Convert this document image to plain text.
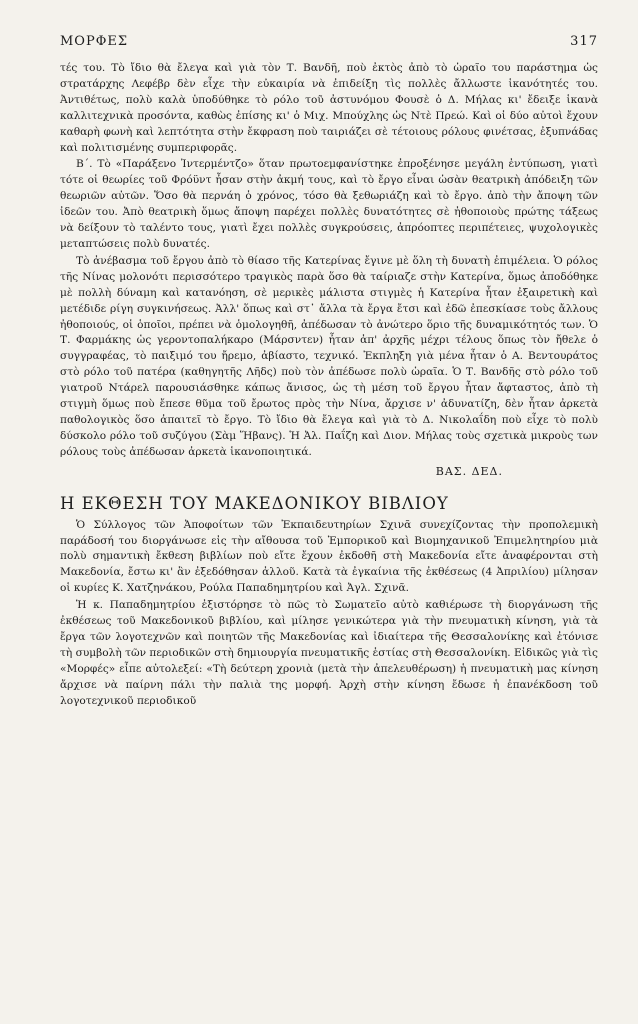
ΜΟΡΦΕΣ	317

τές του. Τὸ ἴδιο θὰ ἔλεγα καὶ γιὰ τὸν Τ. Βανδῆ, ποὺ ἐκτὸς ἀπὸ τὸ ὡραῖο του παράστημα ὡς στρατάρχης Λεφέβρ δὲν εἶχε τὴν εὐκαιρία νὰ ἐπιδείξη τὶς πολλὲς ἄλλωστε ἱκανότητές του. Ἀντιθέτως, πολὺ καλὰ ὑποδύθηκε τὸ ρόλο τοῦ ἀστυνόμου Φουσὲ ὁ Δ. Μήλας κι' ἔδειξε ἱκανὰ καλλιτεχνικὰ προσόντα, καθὼς ἐπίσης κι' ὁ Μιχ. Μπούχλης ὡς Ντὲ Πρεώ. Καὶ οἱ δύο αὐτοὶ ἔχουν καθαρὴ φωνὴ καὶ λεπτότητα στὴν ἔκφραση ποὺ ταιριάζει σὲ τέτοιους ρόλους φινέτσας, ἐξυπνάδας καὶ πολιτισμένης συμπεριφορᾶς.

Β΄. Τὸ «Παράξενο Ἰντερμέντζο» ὅταν πρωτοεμφανίστηκε ἐπροξένησε μεγάλη ἐντύπωση, γιατὶ τότε οἱ θεωρίες τοῦ Φρόϋντ ἦσαν στὴν ἀκμή τους, καὶ τὸ ἔργο εἶναι ὡσὰν θεατρικὴ ἀπόδειξη τῶν θεωριῶν αὐτῶν. Ὅσο θὰ περνάη ὁ χρόνος, τόσο θὰ ξεθωριάζη καὶ τὸ ἔργο. ἀπὸ τὴν ἄποψη τῶν ἰδεῶν του. Ἀπὸ θεατρικὴ ὅμως ἄποψη παρέχει πολλὲς δυνατότητες σὲ ἠθοποιοὺς πρώτης τάξεως νὰ δείξουν τὸ ταλέντο τους, γιατὶ ἔχει πολλὲς συγκρούσεις, ἀπρόοπτες περιπέτειες, ψυχολογικὲς μεταπτώσεις πολὺ δυνατές.

Τὸ ἀνέβασμα τοῦ ἔργου ἀπὸ τὸ θίασο τῆς Κατερίνας ἔγινε μὲ ὅλη τὴ δυνατὴ ἐπιμέλεια. Ὁ ρόλος τῆς Νίνας μολονότι περισσότερο τραγικὸς παρὰ ὅσο θὰ ταίριαζε στὴν Κατερίνα, ὅμως ἀποδόθηκε μὲ πολλὴ δύναμη καὶ κατανόηση, σὲ μερικὲς μάλιστα στιγμὲς ἡ Κατερίνα ἦταν ἐξαιρετικὴ καὶ μετέδιδε ρίγη συγκινήσεως. Ἀλλ' ὅπως καὶ στ᾽ ἄλλα τὰ ἔργα ἔτσι καὶ ἐδῶ ἐπεσκίασε τοὺς ἄλλους ἠθοποιούς, οἱ ὁποῖοι, πρέπει νὰ ὁμολογηθῆ, ἀπέδωσαν τὸ ἀνώτερο ὅριο τῆς δυναμικότητός των. Ὁ Τ. Φαρμάκης ὡς γεροντοπαλήκαρο (Μάρσντεν) ἦταν ἀπ' ἀρχῆς μέχρι τέλους ὅπως τὸν ἤθελε ὁ συγγραφέας, τὸ παιξιμό του ἤρεμο, ἀβίαστο, τεχνικό. Ἐκπληξη γιὰ μένα ἦταν ὁ Α. Βεντουράτος στὸ ρόλο τοῦ πατέρα (καθηγητῆς Λῆδς) ποὺ τὸν ἀπέδωσε πολὺ ὡραῖα. Ὁ Τ. Βανδῆς στὸ ρόλο τοῦ γιατροῦ Ντάρελ παρουσιάσθηκε κάπως ἄνισος, ὡς τὴ μέση τοῦ ἔργου ἦταν ἄφταστος, ἀπὸ τὴ στιγμὴ ὅμως ποὺ ἔπεσε θῦμα τοῦ ἔρωτος πρὸς τὴν Νίνα, ἄρχισε ν' ἀδυνατίζη, δὲν ἦταν ἀρκετὰ παθολογικὸς ὅσο ἀπαιτεῖ τὸ ἔργο. Τὸ ἴδιο θὰ ἔλεγα καὶ γιὰ τὸ Δ. Νικολαΐδη ποὺ εἶχε τὸ πολὺ δύσκολο ρόλο τοῦ συζύγου (Σὰμ Ἥβανς). Ἡ Ἀλ. Παΐζη καὶ Διον. Μήλας τοὺς σχετικὰ μικροὺς των ρόλους τοὺς ἀπέδωσαν ἀρκετὰ ἱκανοποιητικά.

ΒΑΣ. ΔΕΔ.

Η ΕΚΘΕΣΗ ΤΟΥ ΜΑΚΕΔΟΝΙΚΟΥ ΒΙΒΛΙΟΥ

Ὁ Σύλλογος τῶν Ἀποφοίτων τῶν Ἐκπαιδευτηρίων Σχινᾶ συνεχίζοντας τὴν προπολεμικὴ παράδοσή του διοργάνωσε εἰς τὴν αἴθουσα τοῦ Ἐμπορικοῦ καὶ Βιομηχανικοῦ Ἐπιμελητηρίου μιὰ πολὺ σημαντικὴ ἔκθεση βιβλίων ποὺ εἴτε ἔχουν ἐκδοθῆ στὴ Μακεδονία εἴτε ἀναφέρονται στὴ Μακεδονία, ἔστω κι' ἂν ἐξεδόθησαν ἀλλοῦ. Κατὰ τὰ ἐγκαίνια τῆς ἐκθέσεως (4 Ἀπριλίου) μίλησαν οἱ κυρίες Κ. Χατζηνάκου, Ρούλα Παπαδημητρίου καὶ Ἀγλ. Σχινᾶ.

Ἡ κ. Παπαδημητρίου ἐξιστόρησε τὸ πῶς τὸ Σωματεῖο αὐτὸ καθιέρωσε τὴ διοργάνωση τῆς ἐκθέσεως τοῦ Μακεδονικοῦ βιβλίου, καὶ μίλησε γενικώτερα γιὰ τὴν πνευματικὴ κίνηση, γιὰ τὰ ἔργα τῶν λογοτεχνῶν καὶ ποιητῶν τῆς Μακεδονίας καὶ ἰδιαίτερα τῆς Θεσσαλονίκης καὶ ἐτόνισε τὴ συμβολὴ τῶν περιοδικῶν στὴ δημιουργία πνευματικῆς ἑστίας στὴ Θεσσαλονίκη. Εἰδικῶς γιὰ τὶς «Μορφές» εἶπε αὐτολεξεί: «Τὴ δεύτερη χρονιὰ (μετὰ τὴν ἀπελευθέρωση) ἡ πνευματικὴ μας κίνηση ἄρχισε νὰ παίρνη πάλι τὴν παλιὰ της μορφή. Ἀρχὴ στὴν κίνηση ἔδωσε ἡ ἐπανέκδοση τοῦ λογοτεχνικοῦ περιοδικοῦ
